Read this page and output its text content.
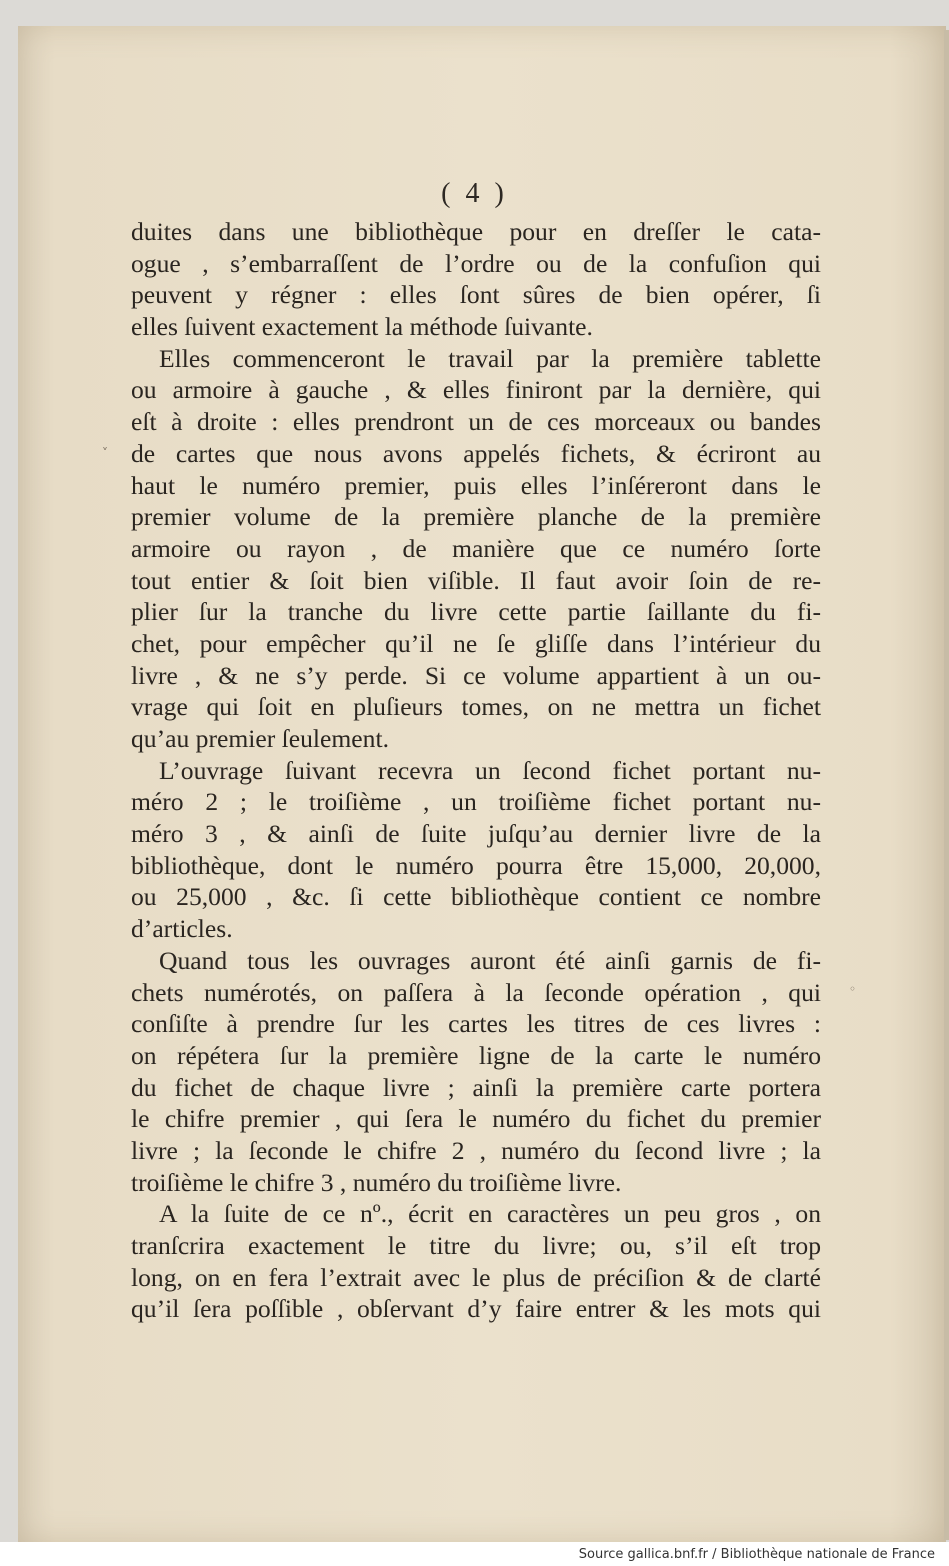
( 4 )
duites dans une bibliothèque pour en dreſſer le cata-
ogue , s’embarraſſent de l’ordre ou de la confuſion qui
peuvent y régner : elles ſont sûres de bien opérer, ſi
elles ſuivent exactement la méthode ſuivante.
Elles commenceront le travail par la première tablette
ou armoire à gauche , & elles finiront par la dernière, qui
eſt à droite : elles prendront un de ces morceaux ou bandes
de cartes que nous avons appelés fichets, & écriront au
haut le numéro premier, puis elles l’inſéreront dans le
premier volume de la première planche de la première
armoire ou rayon , de manière que ce numéro ſorte
tout entier & ſoit bien viſible. Il faut avoir ſoin de re-
plier ſur la tranche du livre cette partie ſaillante du fi-
chet, pour empêcher qu’il ne ſe gliſſe dans l’intérieur du
livre , & ne s’y perde. Si ce volume appartient à un ou-
vrage qui ſoit en pluſieurs tomes, on ne mettra un fichet
qu’au premier ſeulement.
L’ouvrage ſuivant recevra un ſecond fichet portant nu-
méro 2 ; le troiſième , un troiſième fichet portant nu-
méro 3 , & ainſi de ſuite juſqu’au dernier livre de la
bibliothèque, dont le numéro pourra être 15,000, 20,000,
ou 25,000 , &c. ſi cette bibliothèque contient ce nombre
d’articles.
Quand tous les ouvrages auront été ainſi garnis de fi-
chets numérotés, on paſſera à la ſeconde opération , qui
conſiſte à prendre ſur les cartes les titres de ces livres :
on répétera ſur la première ligne de la carte le numéro
du fichet de chaque livre ; ainſi la première carte portera
le chifre premier , qui ſera le numéro du fichet du premier
livre ; la ſeconde le chifre 2 , numéro du ſecond livre ; la
troiſième le chifre 3 , numéro du troiſième livre.
A la ſuite de ce nº., écrit en caractères un peu gros , on
tranſcrira exactement le titre du livre; ou, s’il eſt trop
long, on en fera l’extrait avec le plus de préciſion & de clarté
qu’il ſera poſſible , obſervant d’y faire entrer & les mots qui
˅
◦
Source gallica.bnf.fr / Bibliothèque nationale de France
